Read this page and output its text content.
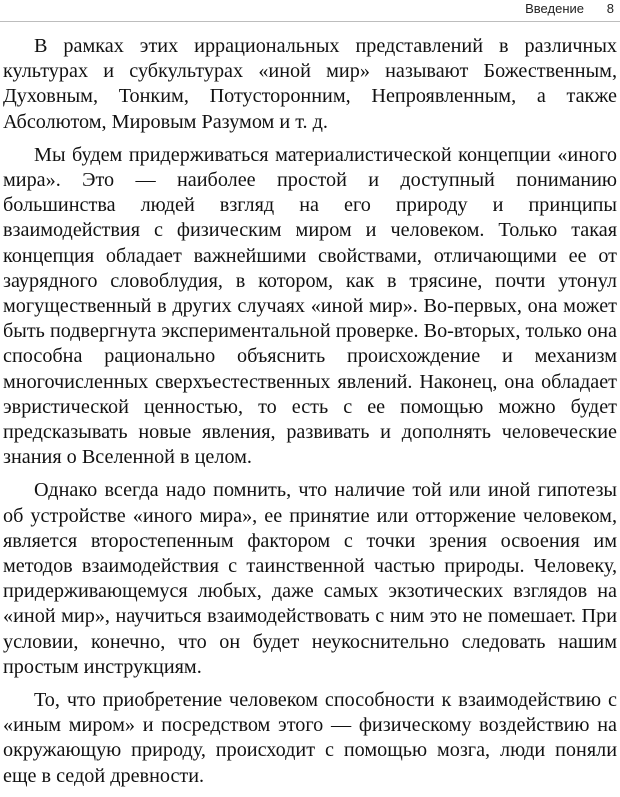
Введение 8

В рамках этих иррациональных представлений в различных культурах и субкультурах «иной мир» называют Божественным, Духовным, Тонким, Потусторонним, Непроявленным, а также Абсолютом, Мировым Разумом и т. д.

Мы будем придерживаться материалистической концепции «иного мира». Это — наиболее простой и доступный пониманию большинства людей взгляд на его природу и принципы взаимодействия с физическим миром и человеком. Только такая концепция обладает важнейшими свойствами, отличающими ее от заурядного словоблудия, в котором, как в трясине, почти утонул могущественный в других случаях «иной мир». Во-первых, она может быть подвергнута экспериментальной проверке. Во-вторых, только она способна рационально объяснить происхождение и механизм многочисленных сверхъестественных явлений. Наконец, она обладает эвристической ценностью, то есть с ее помощью можно будет предсказывать новые явления, развивать и дополнять человеческие знания о Вселенной в целом.

Однако всегда надо помнить, что наличие той или иной гипотезы об устройстве «иного мира», ее принятие или отторжение человеком, является второстепенным фактором с точки зрения освоения им методов взаимодействия с таинственной частью природы. Человеку, придерживающемуся любых, даже самых экзотических взглядов на «иной мир», научиться взаимодействовать с ним это не помешает. При условии, конечно, что он будет неукоснительно следовать нашим простым инструкциям.

То, что приобретение человеком способности к взаимодействию с «иным миром» и посредством этого — физическому воздействию на окружающую природу, происходит с помощью мозга, люди поняли еще в седой древности.
